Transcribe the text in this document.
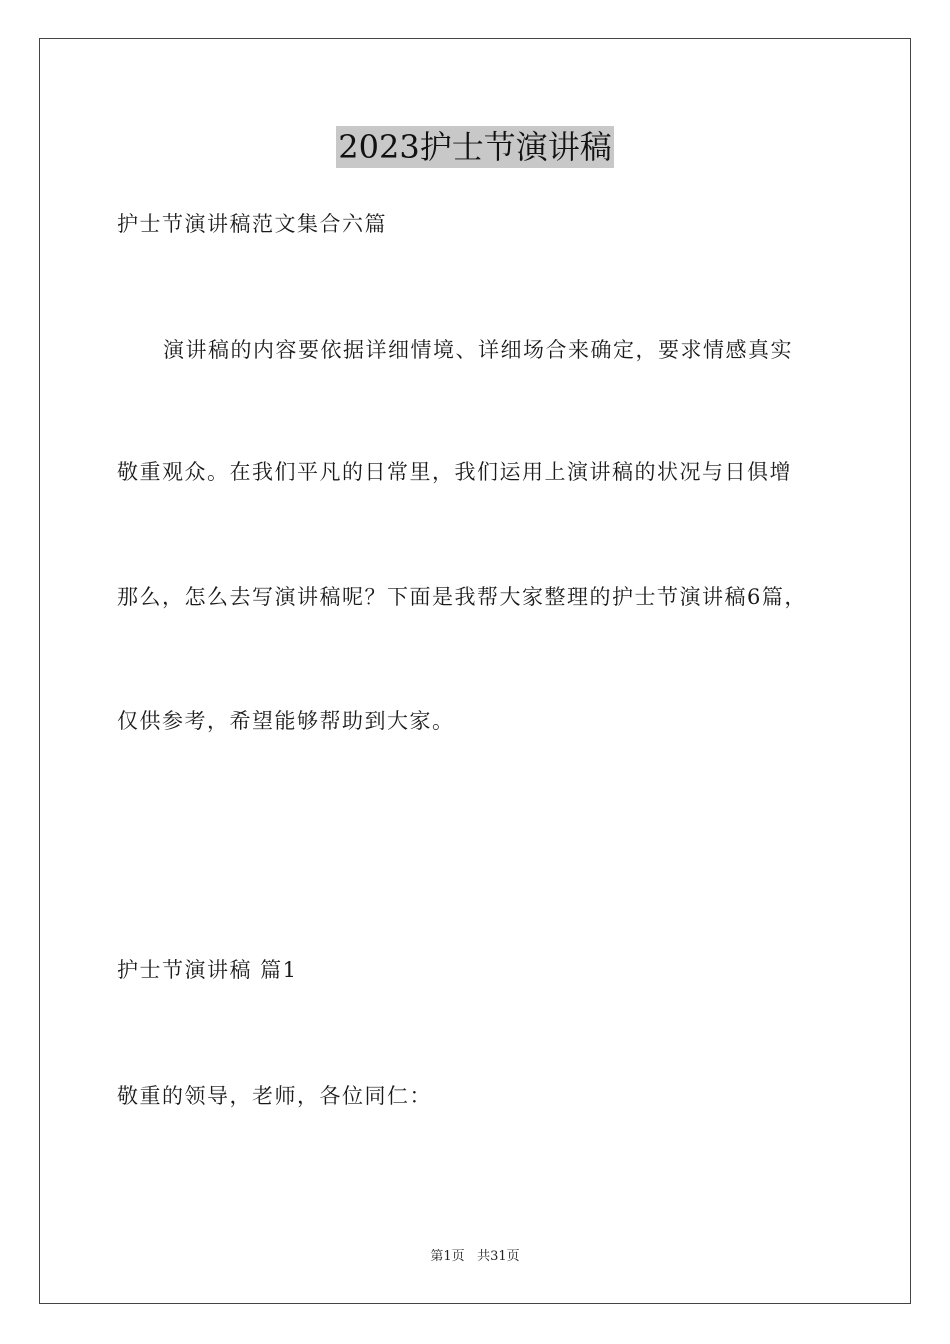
2023护士节演讲稿
护士节演讲稿范文集合六篇
演讲稿的内容要依据详细情境、详细场合来确定，要求情感真实
敬重观众。在我们平凡的日常里，我们运用上演讲稿的状况与日俱增
那么，怎么去写演讲稿呢？下面是我帮大家整理的护士节演讲稿6篇，
仅供参考，希望能够帮助到大家。
护士节演讲稿 篇1
敬重的领导，老师，各位同仁：
第1页 共31页
